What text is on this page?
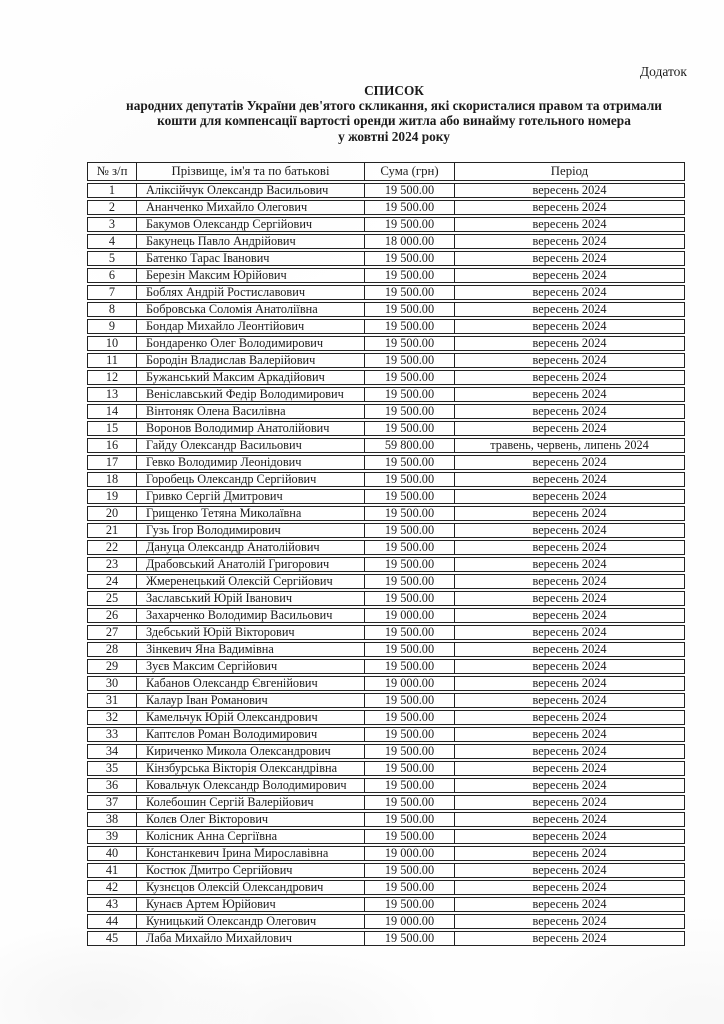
Додаток
СПИСОК
народних депутатів України дев'ятого скликання, які скористалися правом та отримали
кошти для компенсації вартості оренди житла або винайму готельного номера
у жовтні 2024 року
№ з/п	Прізвище, ім'я та по батькові	Сума (грн)	Період
1	Аліксійчук Олександр Васильович	19 500.00	вересень 2024
2	Ананченко Михайло Олегович	19 500.00	вересень 2024
3	Бакумов Олександр Сергійович	19 500.00	вересень 2024
4	Бакунець Павло Андрійович	18 000.00	вересень 2024
5	Батенко Тарас Іванович	19 500.00	вересень 2024
6	Березін Максим Юрійович	19 500.00	вересень 2024
7	Боблях Андрій Ростиславович	19 500.00	вересень 2024
8	Бобровська Соломія Анатоліївна	19 500.00	вересень 2024
9	Бондар Михайло Леонтійович	19 500.00	вересень 2024
10	Бондаренко Олег Володимирович	19 500.00	вересень 2024
11	Бородін Владислав Валерійович	19 500.00	вересень 2024
12	Бужанський Максим Аркадійович	19 500.00	вересень 2024
13	Веніславський Федір Володимирович	19 500.00	вересень 2024
14	Вінтоняк Олена Василівна	19 500.00	вересень 2024
15	Воронов Володимир Анатолійович	19 500.00	вересень 2024
16	Гайду Олександр Васильович	59 800.00	травень, червень, липень 2024
17	Гевко Володимир Леонідович	19 500.00	вересень 2024
18	Горобець Олександр Сергійович	19 500.00	вересень 2024
19	Гривко Сергій Дмитрович	19 500.00	вересень 2024
20	Грищенко Тетяна Миколаївна	19 500.00	вересень 2024
21	Гузь Ігор Володимирович	19 500.00	вересень 2024
22	Дануца Олександр Анатолійович	19 500.00	вересень 2024
23	Драбовський Анатолій Григорович	19 500.00	вересень 2024
24	Жмеренецький Олексій Сергійович	19 500.00	вересень 2024
25	Заславський Юрій Іванович	19 500.00	вересень 2024
26	Захарченко Володимир Васильович	19 000.00	вересень 2024
27	Здебський Юрій Вікторович	19 500.00	вересень 2024
28	Зінкевич Яна Вадимівна	19 500.00	вересень 2024
29	Зуєв Максим Сергійович	19 500.00	вересень 2024
30	Кабанов Олександр Євгенійович	19 000.00	вересень 2024
31	Калаур Іван Романович	19 500.00	вересень 2024
32	Камельчук Юрій Олександрович	19 500.00	вересень 2024
33	Каптєлов Роман Володимирович	19 500.00	вересень 2024
34	Кириченко Микола Олександрович	19 500.00	вересень 2024
35	Кінзбурська Вікторія Олександрівна	19 500.00	вересень 2024
36	Ковальчук Олександр Володимирович	19 500.00	вересень 2024
37	Колебошин Сергій Валерійович	19 500.00	вересень 2024
38	Колєв Олег Вікторович	19 500.00	вересень 2024
39	Колісник Анна Сергіївна	19 500.00	вересень 2024
40	Констанкевич Ірина Мирославівна	19 000.00	вересень 2024
41	Костюк Дмитро Сергійович	19 500.00	вересень 2024
42	Кузнєцов Олексій Олександрович	19 500.00	вересень 2024
43	Кунаєв Артем Юрійович	19 500.00	вересень 2024
44	Куницький Олександр Олегович	19 000.00	вересень 2024
45	Лаба Михайло Михайлович	19 500.00	вересень 2024
